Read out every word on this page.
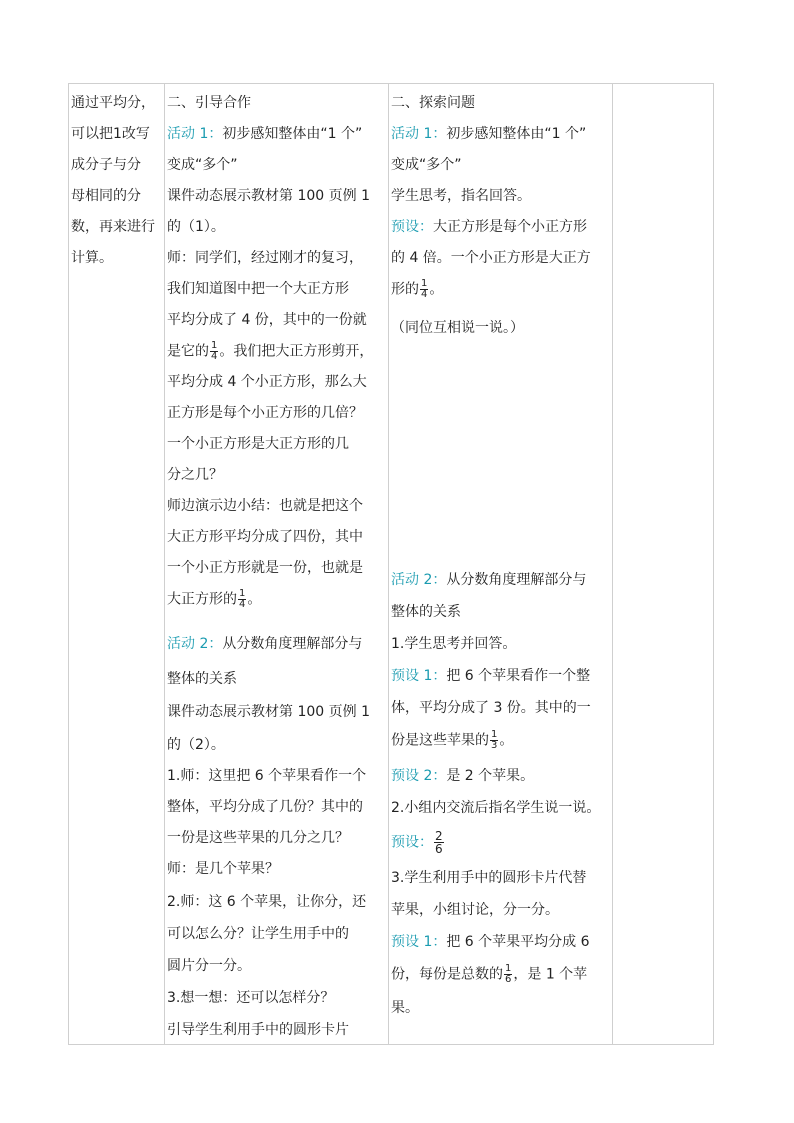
通过平均分，
可以把1改写
成分子与分
母相同的分
数，再来进行
计算。
二、引导合作
活动 1：初步感知整体由“1 个”
变成“多个”
课件动态展示教材第 100 页例 1
的（1）。
师：同学们，经过刚才的复习，
我们知道图中把一个大正方形
平均分成了 4 份，其中的一份就
是它的 $\frac{1}{4}$ 。我们把大正方形剪开，
平均分成 4 个小正方形，那么大
正方形是每个小正方形的几倍？
一个小正方形是大正方形的几
分之几？
师边演示边小结：也就是把这个
大正方形平均分成了四份，其中
一个小正方形就是一份，也就是
大正方形的 $\frac{1}{4}$ 。
活动 2：从分数角度理解部分与
整体的关系
课件动态展示教材第 100 页例 1
的（2）。
1.师：这里把 6 个苹果看作一个
整体，平均分成了几份？其中的
一份是这些苹果的几分之几？
师：是几个苹果？
2.师：这 6 个苹果，让你分，还
可以怎么分？让学生用手中的
圆片分一分。
3.想一想：还可以怎样分？
引导学生利用手中的圆形卡片
二、探索问题
活动 1：初步感知整体由“1 个”
变成“多个”
学生思考，指名回答。
预设：大正方形是每个小正方形
的 4 倍。一个小正方形是大正方
形的 $\frac{1}{4}$ 。
（同位互相说一说。）
活动 2：从分数角度理解部分与
整体的关系
1.学生思考并回答。
预设 1：把 6 个苹果看作一个整
体，平均分成了 3 份。其中的一
份是这些苹果的 $\frac{1}{3}$ 。
预设 2：是 2 个苹果。
2.小组内交流后指名学生说一说。
预设： $\frac{2}{6}$
3.学生利用手中的圆形卡片代替
苹果，小组讨论，分一分。
预设 1：把 6 个苹果平均分成 6
份，每份是总数的 $\frac{1}{6}$ ，是 1 个苹
果。
